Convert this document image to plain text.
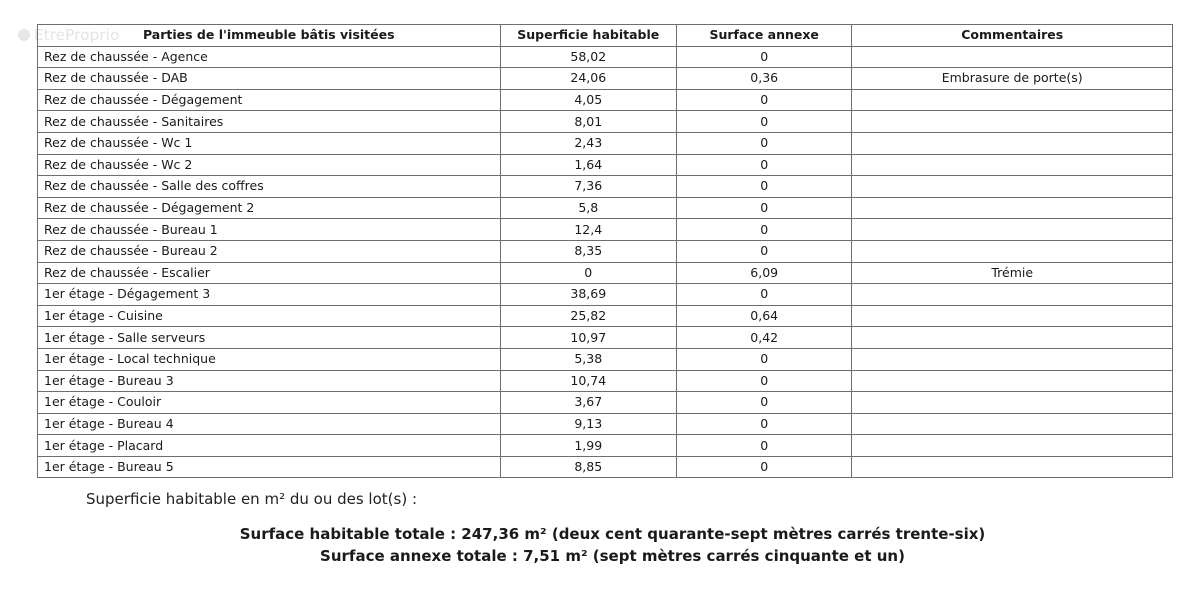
EtreProprio Parties de l'immeuble bâtis visitées	Superficie habitable	Surface annexe	Commentaires
Rez de chaussée - Agence	58,02	0	
Rez de chaussée - DAB	24,06	0,36	Embrasure de porte(s)
Rez de chaussée - Dégagement	4,05	0	
Rez de chaussée - Sanitaires	8,01	0	
Rez de chaussée - Wc 1	2,43	0	
Rez de chaussée - Wc 2	1,64	0	
Rez de chaussée - Salle des coffres	7,36	0	
Rez de chaussée - Dégagement 2	5,8	0	
Rez de chaussée - Bureau 1	12,4	0	
Rez de chaussée - Bureau 2	8,35	0	
Rez de chaussée - Escalier	0	6,09	Trémie
1er étage - Dégagement 3	38,69	0	
1er étage - Cuisine	25,82	0,64	
1er étage - Salle serveurs	10,97	0,42	
1er étage - Local technique	5,38	0	
1er étage - Bureau 3	10,74	0	
1er étage - Couloir	3,67	0	
1er étage - Bureau 4	9,13	0	
1er étage - Placard	1,99	0	
1er étage - Bureau 5	8,85	0	
Superficie habitable en m² du ou des lot(s) :
Surface habitable totale : 247,36 m² (deux cent quarante-sept mètres carrés trente-six)
Surface annexe totale : 7,51 m² (sept mètres carrés cinquante et un)
